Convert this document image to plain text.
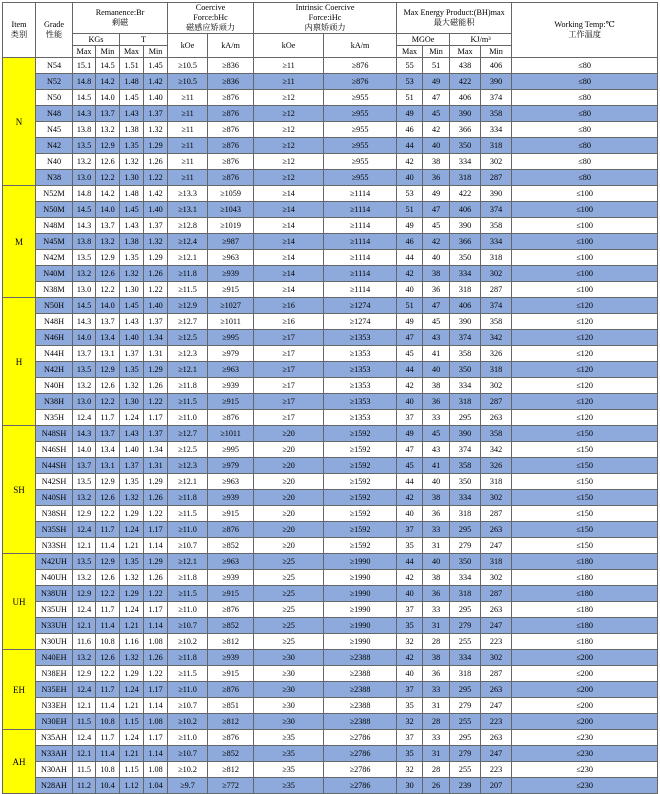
Item
类别	Grade
性能	Remanence:Br
剩磁				Coercive
Force:bHc
磁感应矫顽力		Intrinsic Coercive
Force:iHc
内禀矫顽力		Max Energy Product:(BH)max
最大磁能积				Working Temp:℃
工作温度

		KGs		T		kOe	kA/m	kOe	kA/m	MGOe		KJ/m³		
		Max	Min	Max	Min					Max	Min	Max	Min	
N	N54	15.1	14.5	1.51	1.45	≥10.5	≥836	≥11	≥876	55	51	438	406	≤80
	N52	14.8	14.2	1.48	1.42	≥10.5	≥836	≥11	≥876	53	49	422	390	≤80
	N50	14.5	14.0	1.45	1.40	≥11	≥876	≥12	≥955	51	47	406	374	≤80
	N48	14.3	13.7	1.43	1.37	≥11	≥876	≥12	≥955	49	45	390	358	≤80
	N45	13.8	13.2	1.38	1.32	≥11	≥876	≥12	≥955	46	42	366	334	≤80
	N42	13.5	12.9	1.35	1.29	≥11	≥876	≥12	≥955	44	40	350	318	≤80
	N40	13.2	12.6	1.32	1.26	≥11	≥876	≥12	≥955	42	38	334	302	≤80
	N38	13.0	12.2	1.30	1.22	≥11	≥876	≥12	≥955	40	36	318	287	≤80
M	N52M	14.8	14.2	1.48	1.42	≥13.3	≥1059	≥14	≥1114	53	49	422	390	≤100
	N50M	14.5	14.0	1.45	1.40	≥13.1	≥1043	≥14	≥1114	51	47	406	374	≤100
	N48M	14.3	13.7	1.43	1.37	≥12.8	≥1019	≥14	≥1114	49	45	390	358	≤100
	N45M	13.8	13.2	1.38	1.32	≥12.4	≥987	≥14	≥1114	46	42	366	334	≤100
	N42M	13.5	12.9	1.35	1.29	≥12.1	≥963	≥14	≥1114	44	40	350	318	≤100
	N40M	13.2	12.6	1.32	1.26	≥11.8	≥939	≥14	≥1114	42	38	334	302	≤100
	N38M	13.0	12.2	1.30	1.22	≥11.5	≥915	≥14	≥1114	40	36	318	287	≤100
H	N50H	14.5	14.0	1.45	1.40	≥12.9	≥1027	≥16	≥1274	51	47	406	374	≤120
	N48H	14.3	13.7	1.43	1.37	≥12.7	≥1011	≥16	≥1274	49	45	390	358	≤120
	N46H	14.0	13.4	1.40	1.34	≥12.5	≥995	≥17	≥1353	47	43	374	342	≤120
	N44H	13.7	13.1	1.37	1.31	≥12.3	≥979	≥17	≥1353	45	41	358	326	≤120
	N42H	13.5	12.9	1.35	1.29	≥12.1	≥963	≥17	≥1353	44	40	350	318	≤120
	N40H	13.2	12.6	1.32	1.26	≥11.8	≥939	≥17	≥1353	42	38	334	302	≤120
	N38H	13.0	12.2	1.30	1.22	≥11.5	≥915	≥17	≥1353	40	36	318	287	≤120
	N35H	12.4	11.7	1.24	1.17	≥11.0	≥876	≥17	≥1353	37	33	295	263	≤120
SH	N48SH	14.3	13.7	1.43	1.37	≥12.7	≥1011	≥20	≥1592	49	45	390	358	≤150
	N46SH	14.0	13.4	1.40	1.34	≥12.5	≥995	≥20	≥1592	47	43	374	342	≤150
	N44SH	13.7	13.1	1.37	1.31	≥12.3	≥979	≥20	≥1592	45	41	358	326	≤150
	N42SH	13.5	12.9	1.35	1.29	≥12.1	≥963	≥20	≥1592	44	40	350	318	≤150
	N40SH	13.2	12.6	1.32	1.26	≥11.8	≥939	≥20	≥1592	42	38	334	302	≤150
	N38SH	12.9	12.2	1.29	1.22	≥11.5	≥915	≥20	≥1592	40	36	318	287	≤150
	N35SH	12.4	11.7	1.24	1.17	≥11.0	≥876	≥20	≥1592	37	33	295	263	≤150
	N33SH	12.1	11.4	1.21	1.14	≥10.7	≥852	≥20	≥1592	35	31	279	247	≤150
UH	N42UH	13.5	12.9	1.35	1.29	≥12.1	≥963	≥25	≥1990	44	40	350	318	≤180
	N40UH	13.2	12.6	1.32	1.26	≥11.8	≥939	≥25	≥1990	42	38	334	302	≤180
	N38UH	12.9	12.2	1.29	1.22	≥11.5	≥915	≥25	≥1990	40	36	318	287	≤180
	N35UH	12.4	11.7	1.24	1.17	≥11.0	≥876	≥25	≥1990	37	33	295	263	≤180
	N33UH	12.1	11.4	1.21	1.14	≥10.7	≥852	≥25	≥1990	35	31	279	247	≤180
	N30UH	11.6	10.8	1.16	1.08	≥10.2	≥812	≥25	≥1990	32	28	255	223	≤180
EH	N40EH	13.2	12.6	1.32	1.26	≥11.8	≥939	≥30	≥2388	42	38	334	302	≤200
	N38EH	12.9	12.2	1.29	1.22	≥11.5	≥915	≥30	≥2388	40	36	318	287	≤200
	N35EH	12.4	11.7	1.24	1.17	≥11.0	≥876	≥30	≥2388	37	33	295	263	≤200
	N33EH	12.1	11.4	1.21	1.14	≥10.7	≥851	≥30	≥2388	35	31	279	247	≤200
	N30EH	11.5	10.8	1.15	1.08	≥10.2	≥812	≥30	≥2388	32	28	255	223	≤200
AH	N35AH	12.4	11.7	1.24	1.17	≥11.0	≥876	≥35	≥2786	37	33	295	263	≤230
	N33AH	12.1	11.4	1.21	1.14	≥10.7	≥852	≥35	≥2786	35	31	279	247	≤230
	N30AH	11.5	10.8	1.15	1.08	≥10.2	≥812	≥35	≥2786	32	28	255	223	≤230
	N28AH	11.2	10.4	1.12	1.04	≥9.7	≥772	≥35	≥2786	30	26	239	207	≤230
